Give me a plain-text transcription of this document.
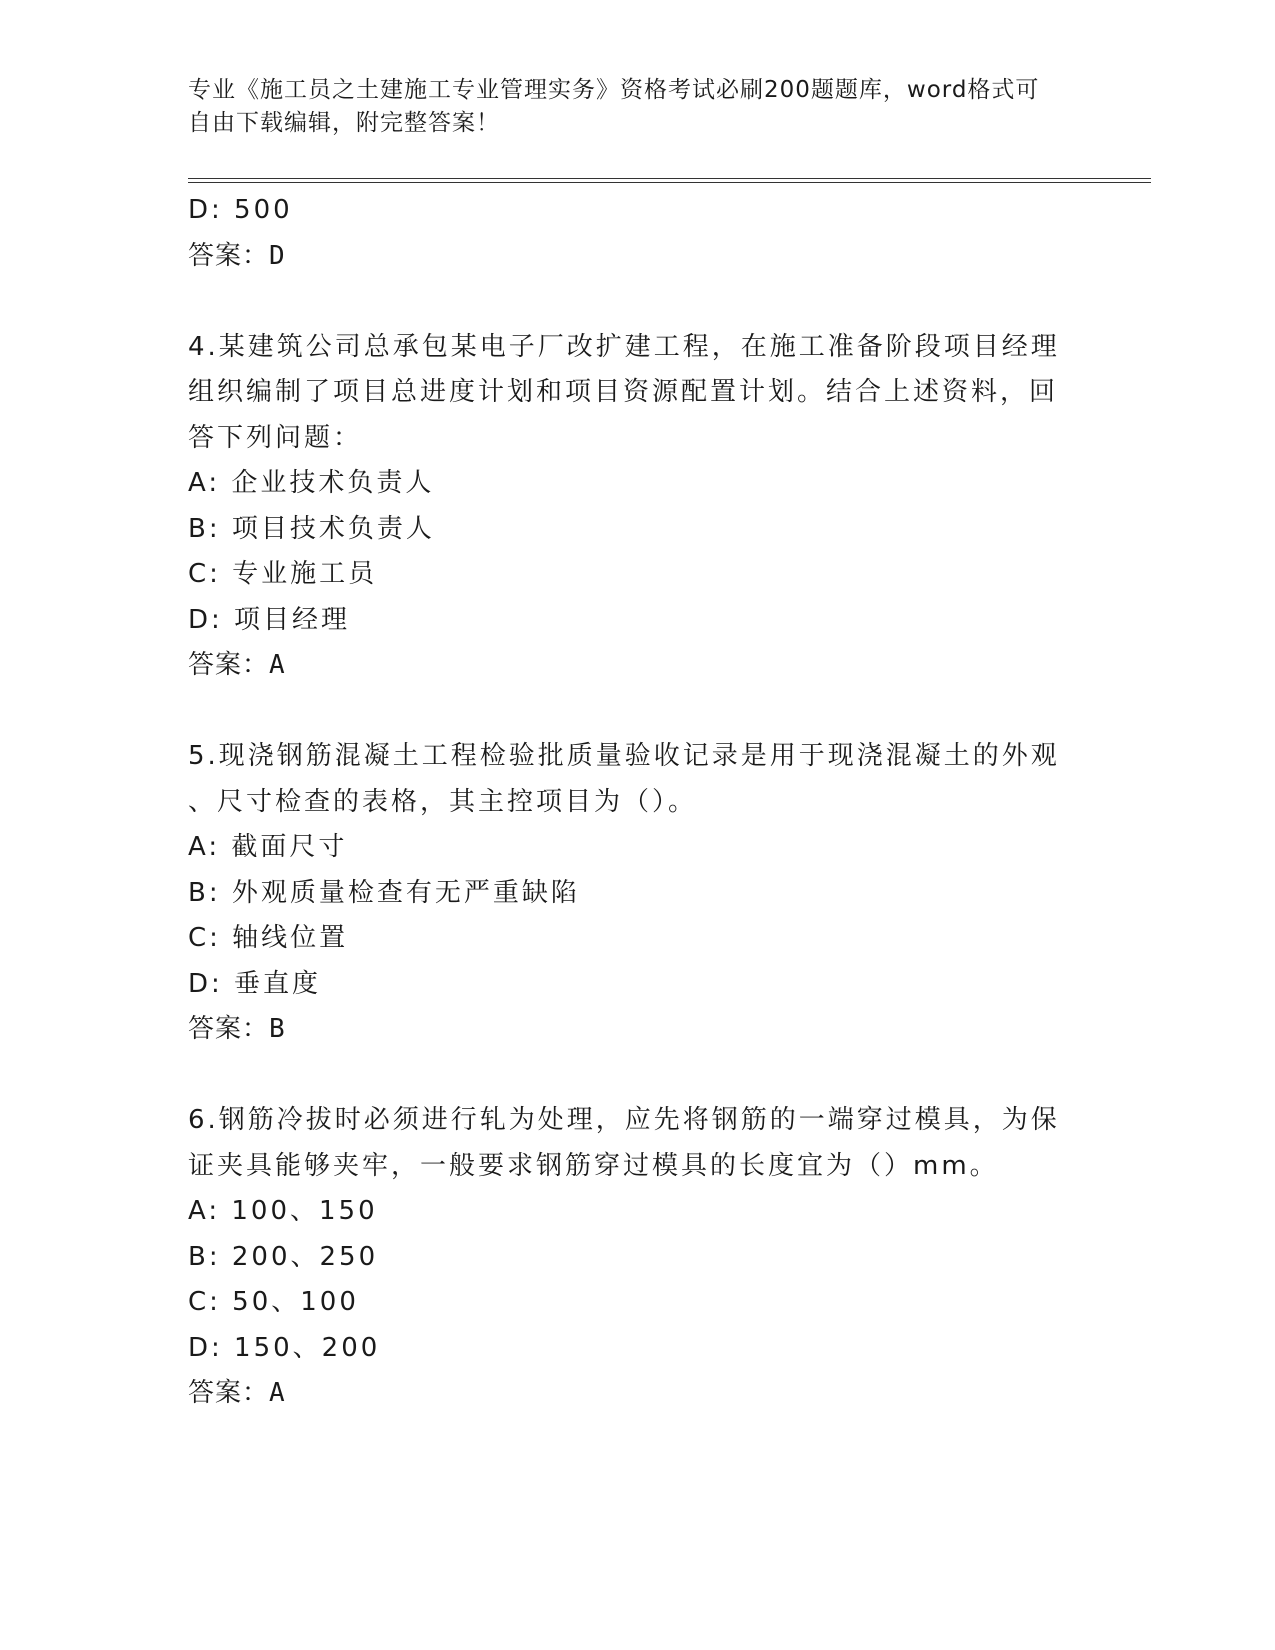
专业《施工员之土建施工专业管理实务》资格考试必刷200题题库，word格式可
自由下载编辑，附完整答案！
D: 500
答案：D
4.某建筑公司总承包某电子厂改扩建工程，在施工准备阶段项目经理
组织编制了项目总进度计划和项目资源配置计划。结合上述资料，回
答下列问题：
A: 企业技术负责人
B: 项目技术负责人
C: 专业施工员
D: 项目经理
答案：A
5.现浇钢筋混凝土工程检验批质量验收记录是用于现浇混凝土的外观
、尺寸检查的表格，其主控项目为（）。
A: 截面尺寸
B: 外观质量检查有无严重缺陷
C: 轴线位置
D: 垂直度
答案：B
6.钢筋冷拔时必须进行轧为处理，应先将钢筋的一端穿过模具，为保
证夹具能够夹牢，一般要求钢筋穿过模具的长度宜为（）mm。
A: 100、150
B: 200、250
C: 50、100
D: 150、200
答案：A
